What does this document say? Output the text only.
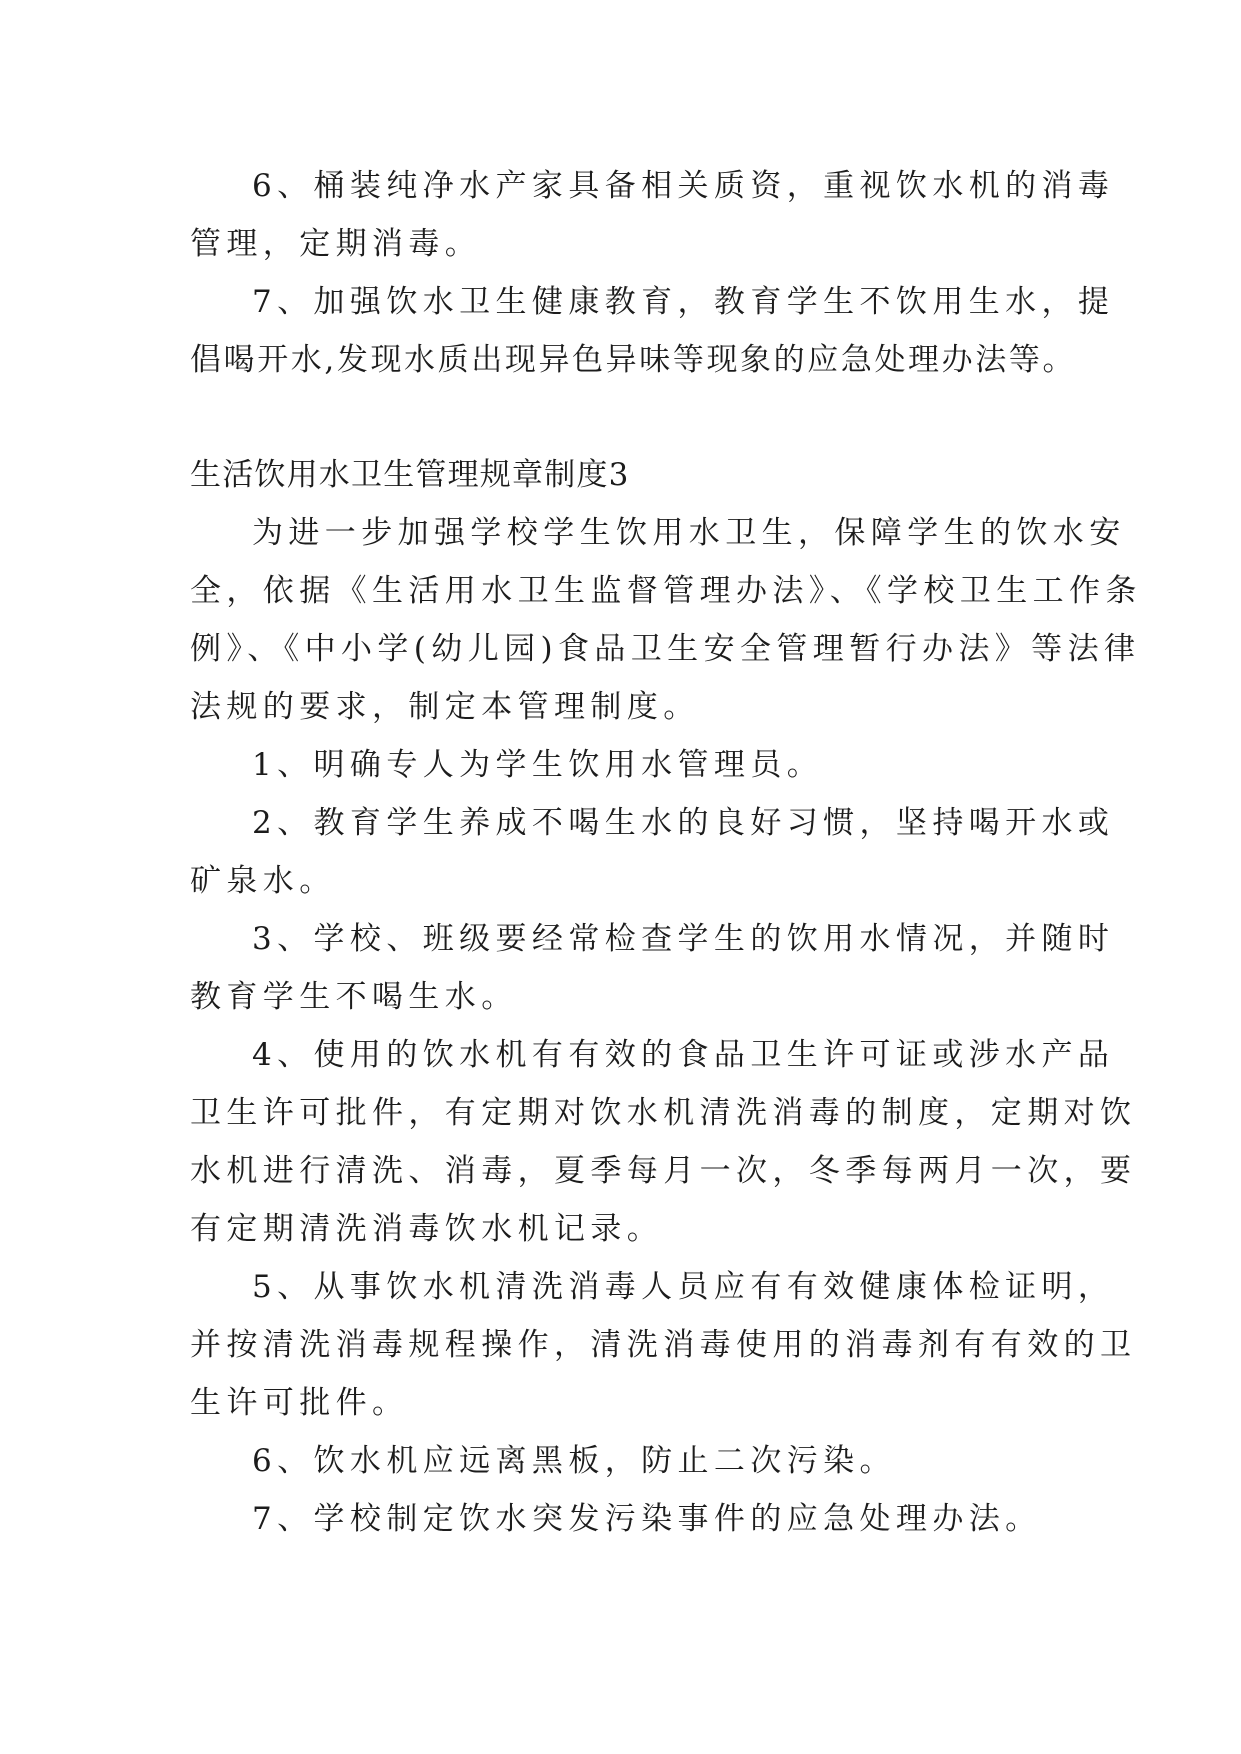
6、桶装纯净水产家具备相关质资，重视饮水机的消毒
管理，定期消毒。
7、加强饮水卫生健康教育，教育学生不饮用生水，提
倡喝开水,发现水质出现异色异味等现象的应急处理办法等。
生活饮用水卫生管理规章制度3
为进一步加强学校学生饮用水卫生，保障学生的饮水安
全，依据《生活用水卫生监督管理办法》、《学校卫生工作条
例》、《中小学(幼儿园)食品卫生安全管理暂行办法》等法律
法规的要求，制定本管理制度。
1、明确专人为学生饮用水管理员。
2、教育学生养成不喝生水的良好习惯，坚持喝开水或
矿泉水。
3、学校、班级要经常检查学生的饮用水情况，并随时
教育学生不喝生水。
4、使用的饮水机有有效的食品卫生许可证或涉水产品
卫生许可批件，有定期对饮水机清洗消毒的制度，定期对饮
水机进行清洗、消毒，夏季每月一次，冬季每两月一次，要
有定期清洗消毒饮水机记录。
5、从事饮水机清洗消毒人员应有有效健康体检证明，
并按清洗消毒规程操作，清洗消毒使用的消毒剂有有效的卫
生许可批件。
6、饮水机应远离黑板，防止二次污染。
7、学校制定饮水突发污染事件的应急处理办法。
